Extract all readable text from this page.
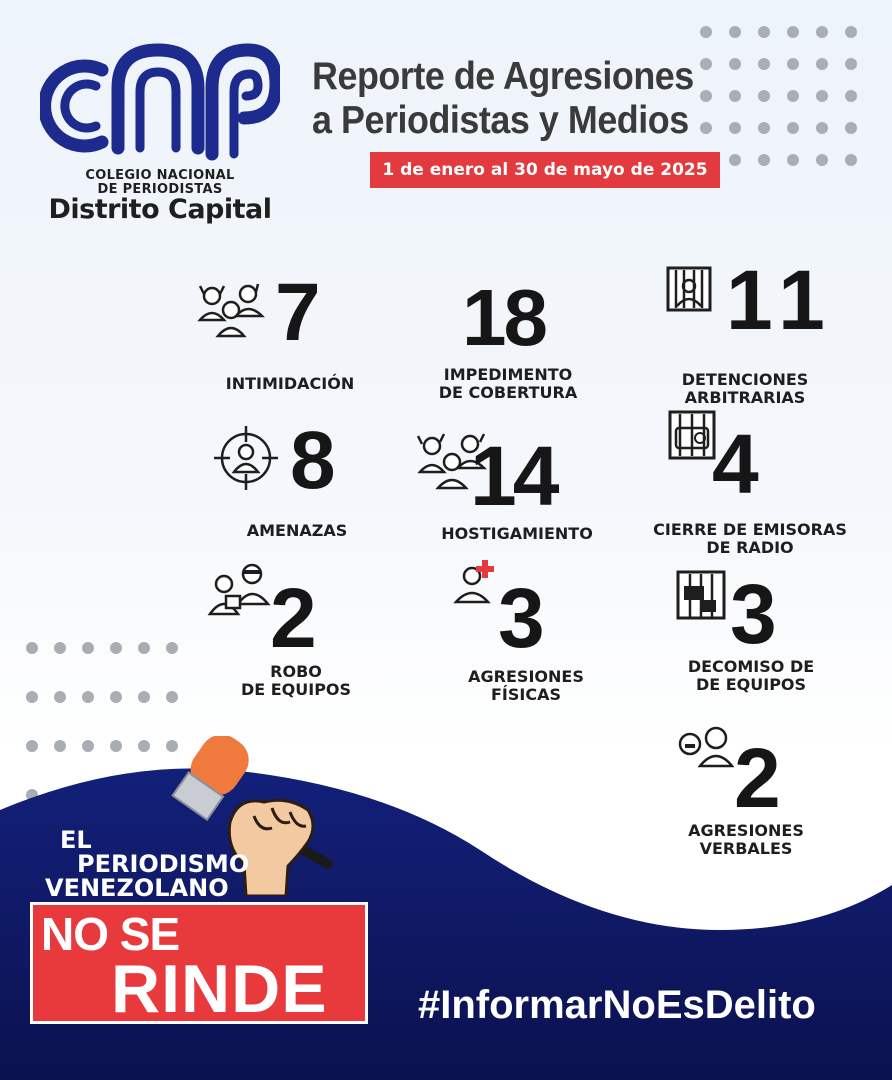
COLEGIO NACIONAL
DE PERIODISTAS
Distrito Capital
Reporte de Agresiones
a Periodistas y Medios
1 de enero al 30 de mayo de 2025
7
INTIMIDACIÓN
18
IMPEDIMENTO
DE COBERTURA
11
DETENCIONES
ARBITRARIAS
8
AMENAZAS
14
HOSTIGAMIENTO
4
CIERRE DE EMISORAS
DE RADIO
2
ROBO
DE EQUIPOS
3
AGRESIONES
FÍSICAS
3
DECOMISO DE
DE EQUIPOS
2
AGRESIONES
VERBALES
EL
PERIODISMO
VENEZOLANO
NO SE
RINDE #InformarNoEsDelito
